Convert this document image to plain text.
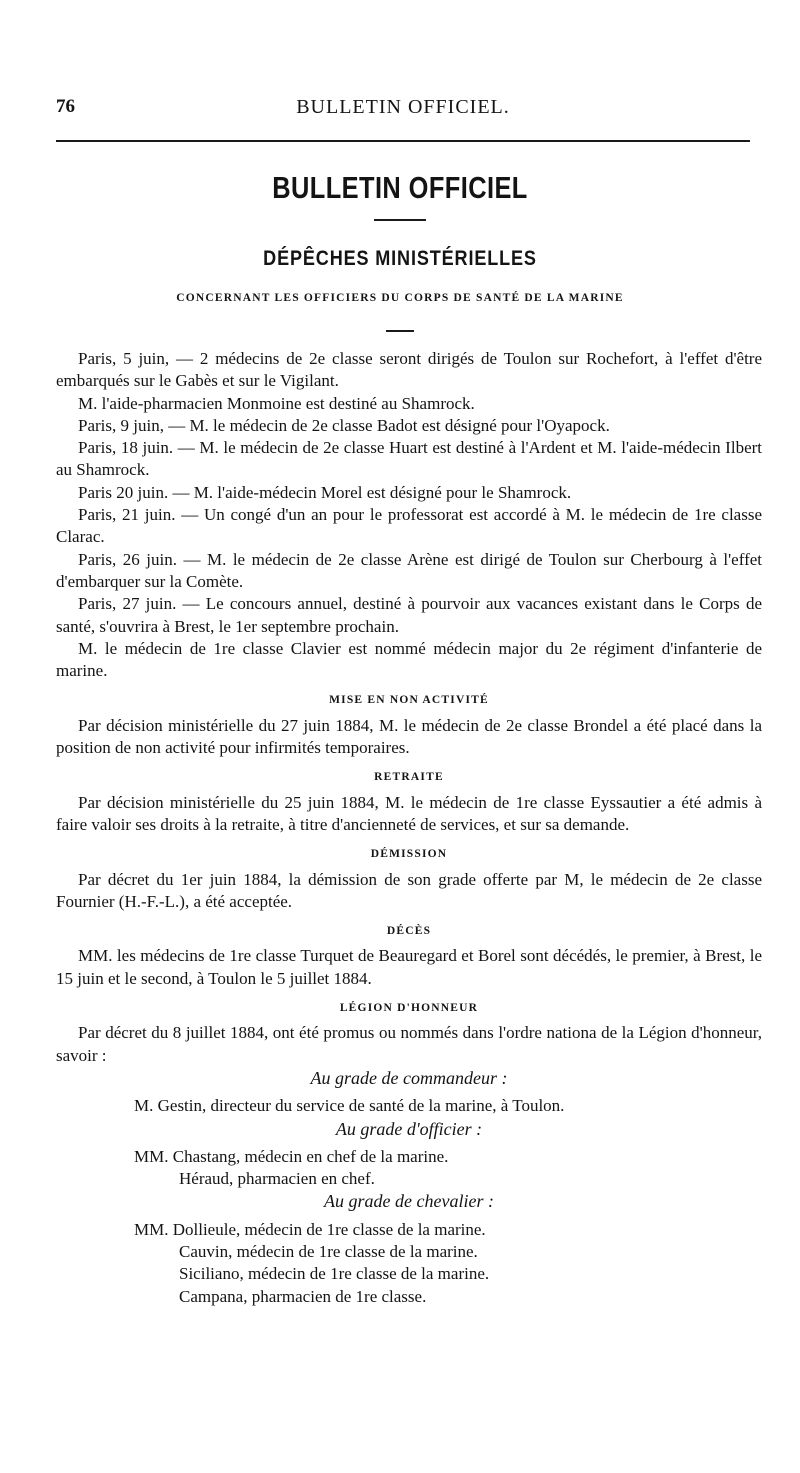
76	BULLETIN OFFICIEL.
BULLETIN OFFICIEL
DÉPÊCHES MINISTÉRIELLES
CONCERNANT LES OFFICIERS DU CORPS DE SANTÉ DE LA MARINE

Paris, 5 juin, — 2 médecins de 2e classe seront dirigés de Toulon sur Rochefort, à l'effet d'être embarqués sur le Gabès et sur le Vigilant.

M. l'aide-pharmacien Monmoine est destiné au Shamrock.

Paris, 9 juin, — M. le médecin de 2e classe Badot est désigné pour l'Oyapock.

Paris, 18 juin. — M. le médecin de 2e classe Huart est destiné à l'Ardent et M. l'aide-médecin Ilbert au Shamrock.

Paris 20 juin. — M. l'aide-médecin Morel est désigné pour le Shamrock.

Paris, 21 juin. — Un congé d'un an pour le professorat est accordé à M. le médecin de 1re classe Clarac.

Paris, 26 juin. — M. le médecin de 2e classe Arène est dirigé de Toulon sur Cherbourg à l'effet d'embarquer sur la Comète.

Paris, 27 juin. — Le concours annuel, destiné à pourvoir aux vacances existant dans le Corps de santé, s'ouvrira à Brest, le 1er septembre prochain.

M. le médecin de 1re classe Clavier est nommé médecin major du 2e régiment d'infanterie de marine.

MISE EN NON ACTIVITÉ

Par décision ministérielle du 27 juin 1884, M. le médecin de 2e classe Brondel a été placé dans la position de non activité pour infirmités temporaires.

RETRAITE

Par décision ministérielle du 25 juin 1884, M. le médecin de 1re classe Eyssautier a été admis à faire valoir ses droits à la retraite, à titre d'ancienneté de services, et sur sa demande.

DÉMISSION

Par décret du 1er juin 1884, la démission de son grade offerte par M, le médecin de 2e classe Fournier (H.-F.-L.), a été acceptée.

DÉCÈS

MM. les médecins de 1re classe Turquet de Beauregard et Borel sont décédés, le premier, à Brest, le 15 juin et le second, à Toulon le 5 juillet 1884.

LÉGION D'HONNEUR

Par décret du 8 juillet 1884, ont été promus ou nommés dans l'ordre nationa de la Légion d'honneur, savoir :

Au grade de commandeur :

M. Gestin, directeur du service de santé de la marine, à Toulon.

Au grade d'officier :

MM. Chastang, médecin en chef de la marine.

Héraud, pharmacien en chef.

Au grade de chevalier :

MM. Dollieule, médecin de 1re classe de la marine.

Cauvin, médecin de 1re classe de la marine.

Siciliano, médecin de 1re classe de la marine.

Campana, pharmacien de 1re classe.
